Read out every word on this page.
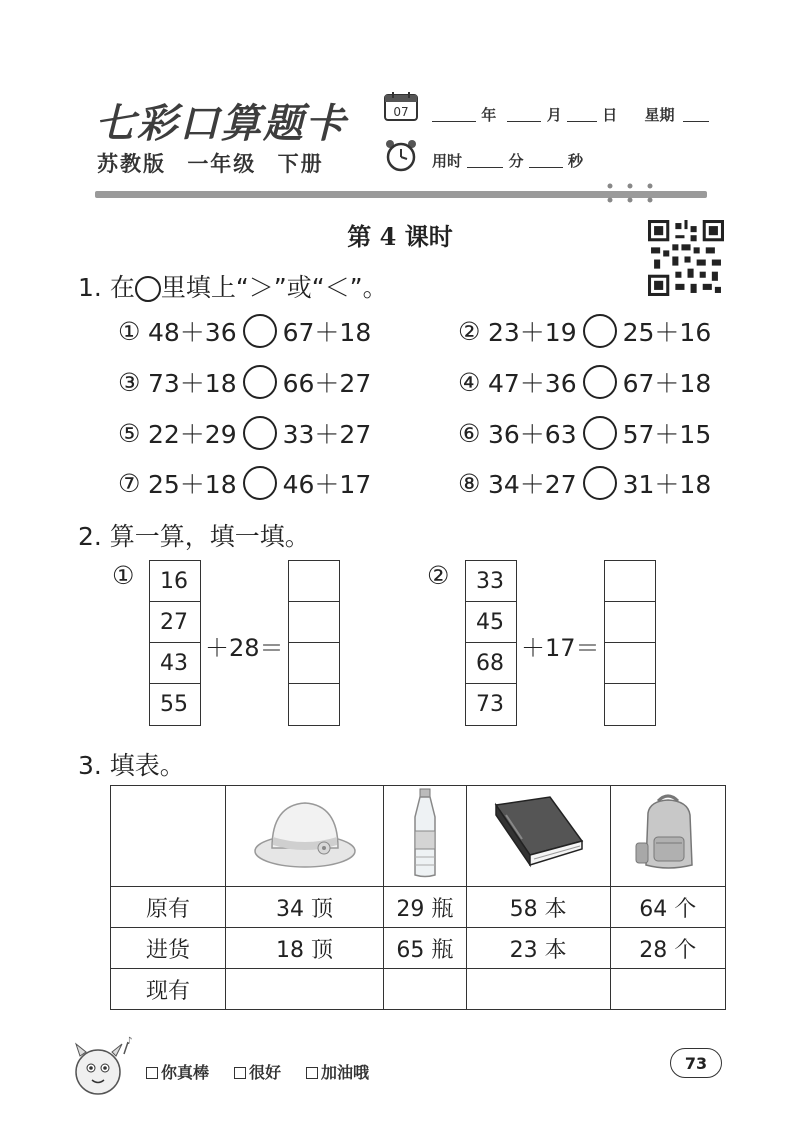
七彩口算题卡
苏教版 一年级 下册
07	年	月	日 星期
用时	分	秒
第 4 课时
1. 在 里填上“＞”或“＜”。
① 48＋36 67＋18	② 23＋19 25＋16
③ 73＋18 66＋27	④ 47＋36 67＋18
⑤ 22＋29 33＋27	⑥ 36＋63 57＋15
⑦ 25＋18 46＋17	⑧ 34＋27 31＋18
2. 算一算，填一填。
①	16
27
43
55
＋28＝
②	33
45
68
73
＋17＝
3. 填表。

原有	34 顶	29 瓶	58 本	64 个
进货	18 顶	65 瓶	23 本	28 个
现有				
♪
你真棒	很好	加油哦	73
